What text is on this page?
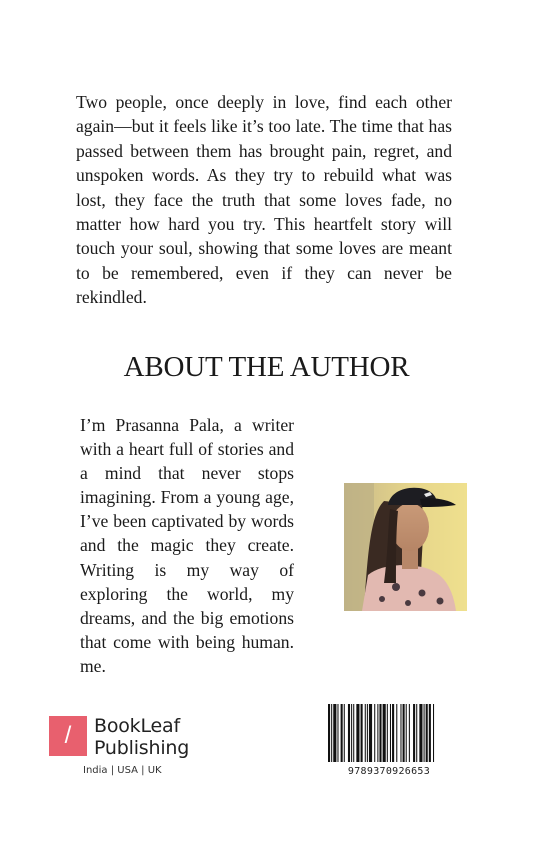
Two people, once deeply in love, find each other again—but it feels like it’s too late. The time that has passed between them has brought pain, regret, and unspoken words. As they try to rebuild what was lost, they face the truth that some loves fade, no matter how hard you try. This heartfelt story will touch your soul, showing that some loves are meant to be remembered, even if they can never be rekindled.

ABOUT THE AUTHOR

I’m Prasanna Pala, a writer with a heart full of stories and a mind that never stops imagining. From a young age, I’ve been captivated by words and the magic they create. Writing is my way of exploring the world, my dreams, and the big emotions that come with being human. me.

/	BookLeaf
Publishing
India | USA | UK	9789370926653
